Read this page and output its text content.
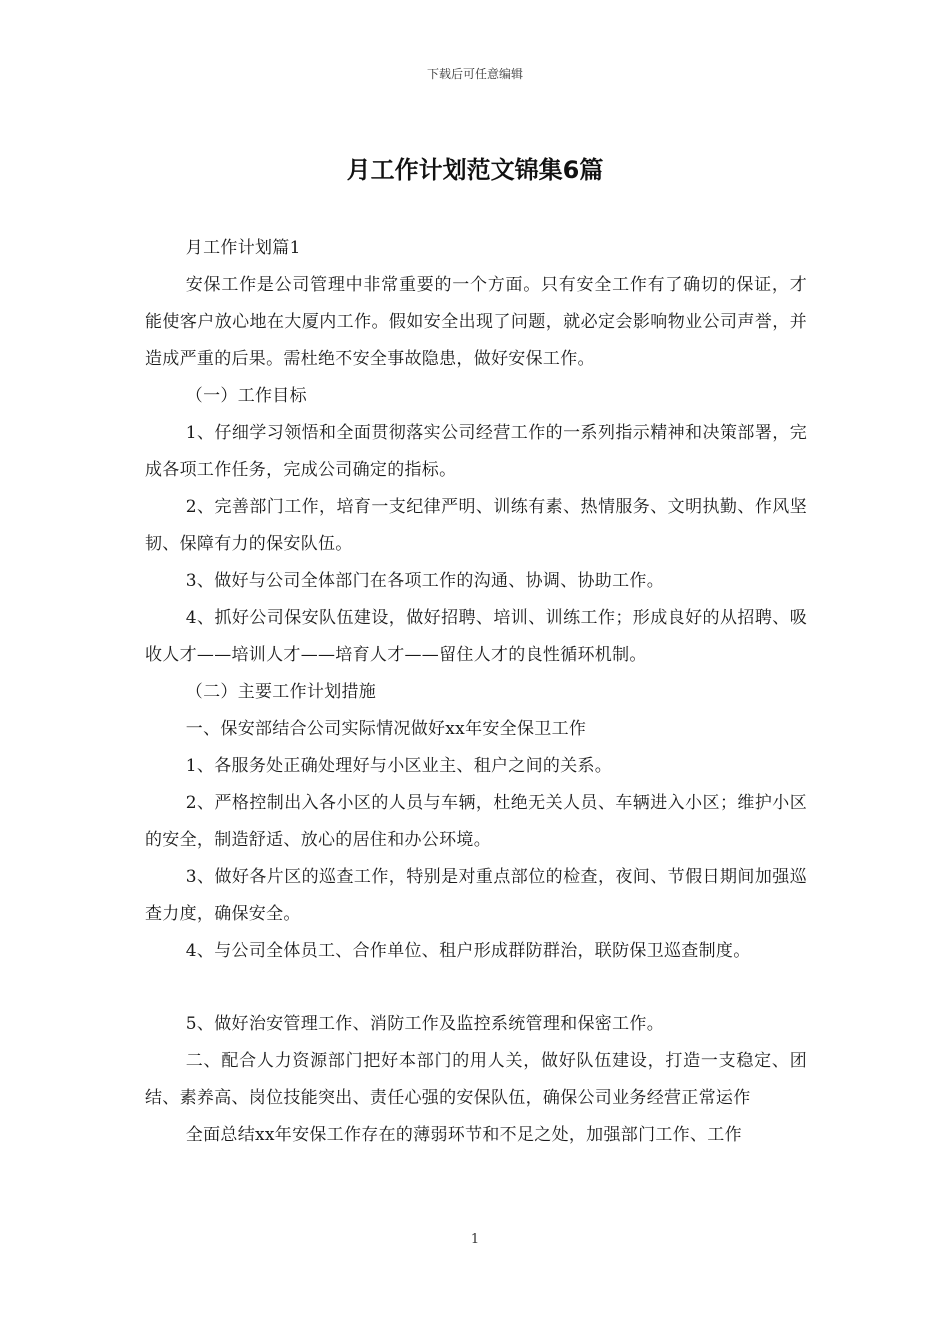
下载后可任意编辑
月工作计划范文锦集6篇

月工作计划篇1

安保工作是公司管理中非常重要的一个方面。只有安全工作有了确切的保证，才能使客户放心地在大厦内工作。假如安全出现了问题，就必定会影响物业公司声誉，并造成严重的后果。需杜绝不安全事故隐患，做好安保工作。

（一）工作目标

1、仔细学习领悟和全面贯彻落实公司经营工作的一系列指示精神和决策部署，完成各项工作任务，完成公司确定的指标。

2、完善部门工作，培育一支纪律严明、训练有素、热情服务、文明执勤、作风坚韧、保障有力的保安队伍。

3、做好与公司全体部门在各项工作的沟通、协调、协助工作。

4、抓好公司保安队伍建设，做好招聘、培训、训练工作；形成良好的从招聘、吸收人才——培训人才——培育人才——留住人才的良性循环机制。

（二）主要工作计划措施

一、保安部结合公司实际情况做好xx年安全保卫工作

1、各服务处正确处理好与小区业主、租户之间的关系。

2、严格控制出入各小区的人员与车辆，杜绝无关人员、车辆进入小区；维护小区的安全，制造舒适、放心的居住和办公环境。

3、做好各片区的巡查工作，特别是对重点部位的检查，夜间、节假日期间加强巡查力度，确保安全。

4、与公司全体员工、合作单位、租户形成群防群治，联防保卫巡查制度。

5、做好治安管理工作、消防工作及监控系统管理和保密工作。

二、配合人力资源部门把好本部门的用人关，做好队伍建设，打造一支稳定、团结、素养高、岗位技能突出、责任心强的安保队伍，确保公司业务经营正常运作

全面总结xx年安保工作存在的薄弱环节和不足之处，加强部门工作、工作

1
